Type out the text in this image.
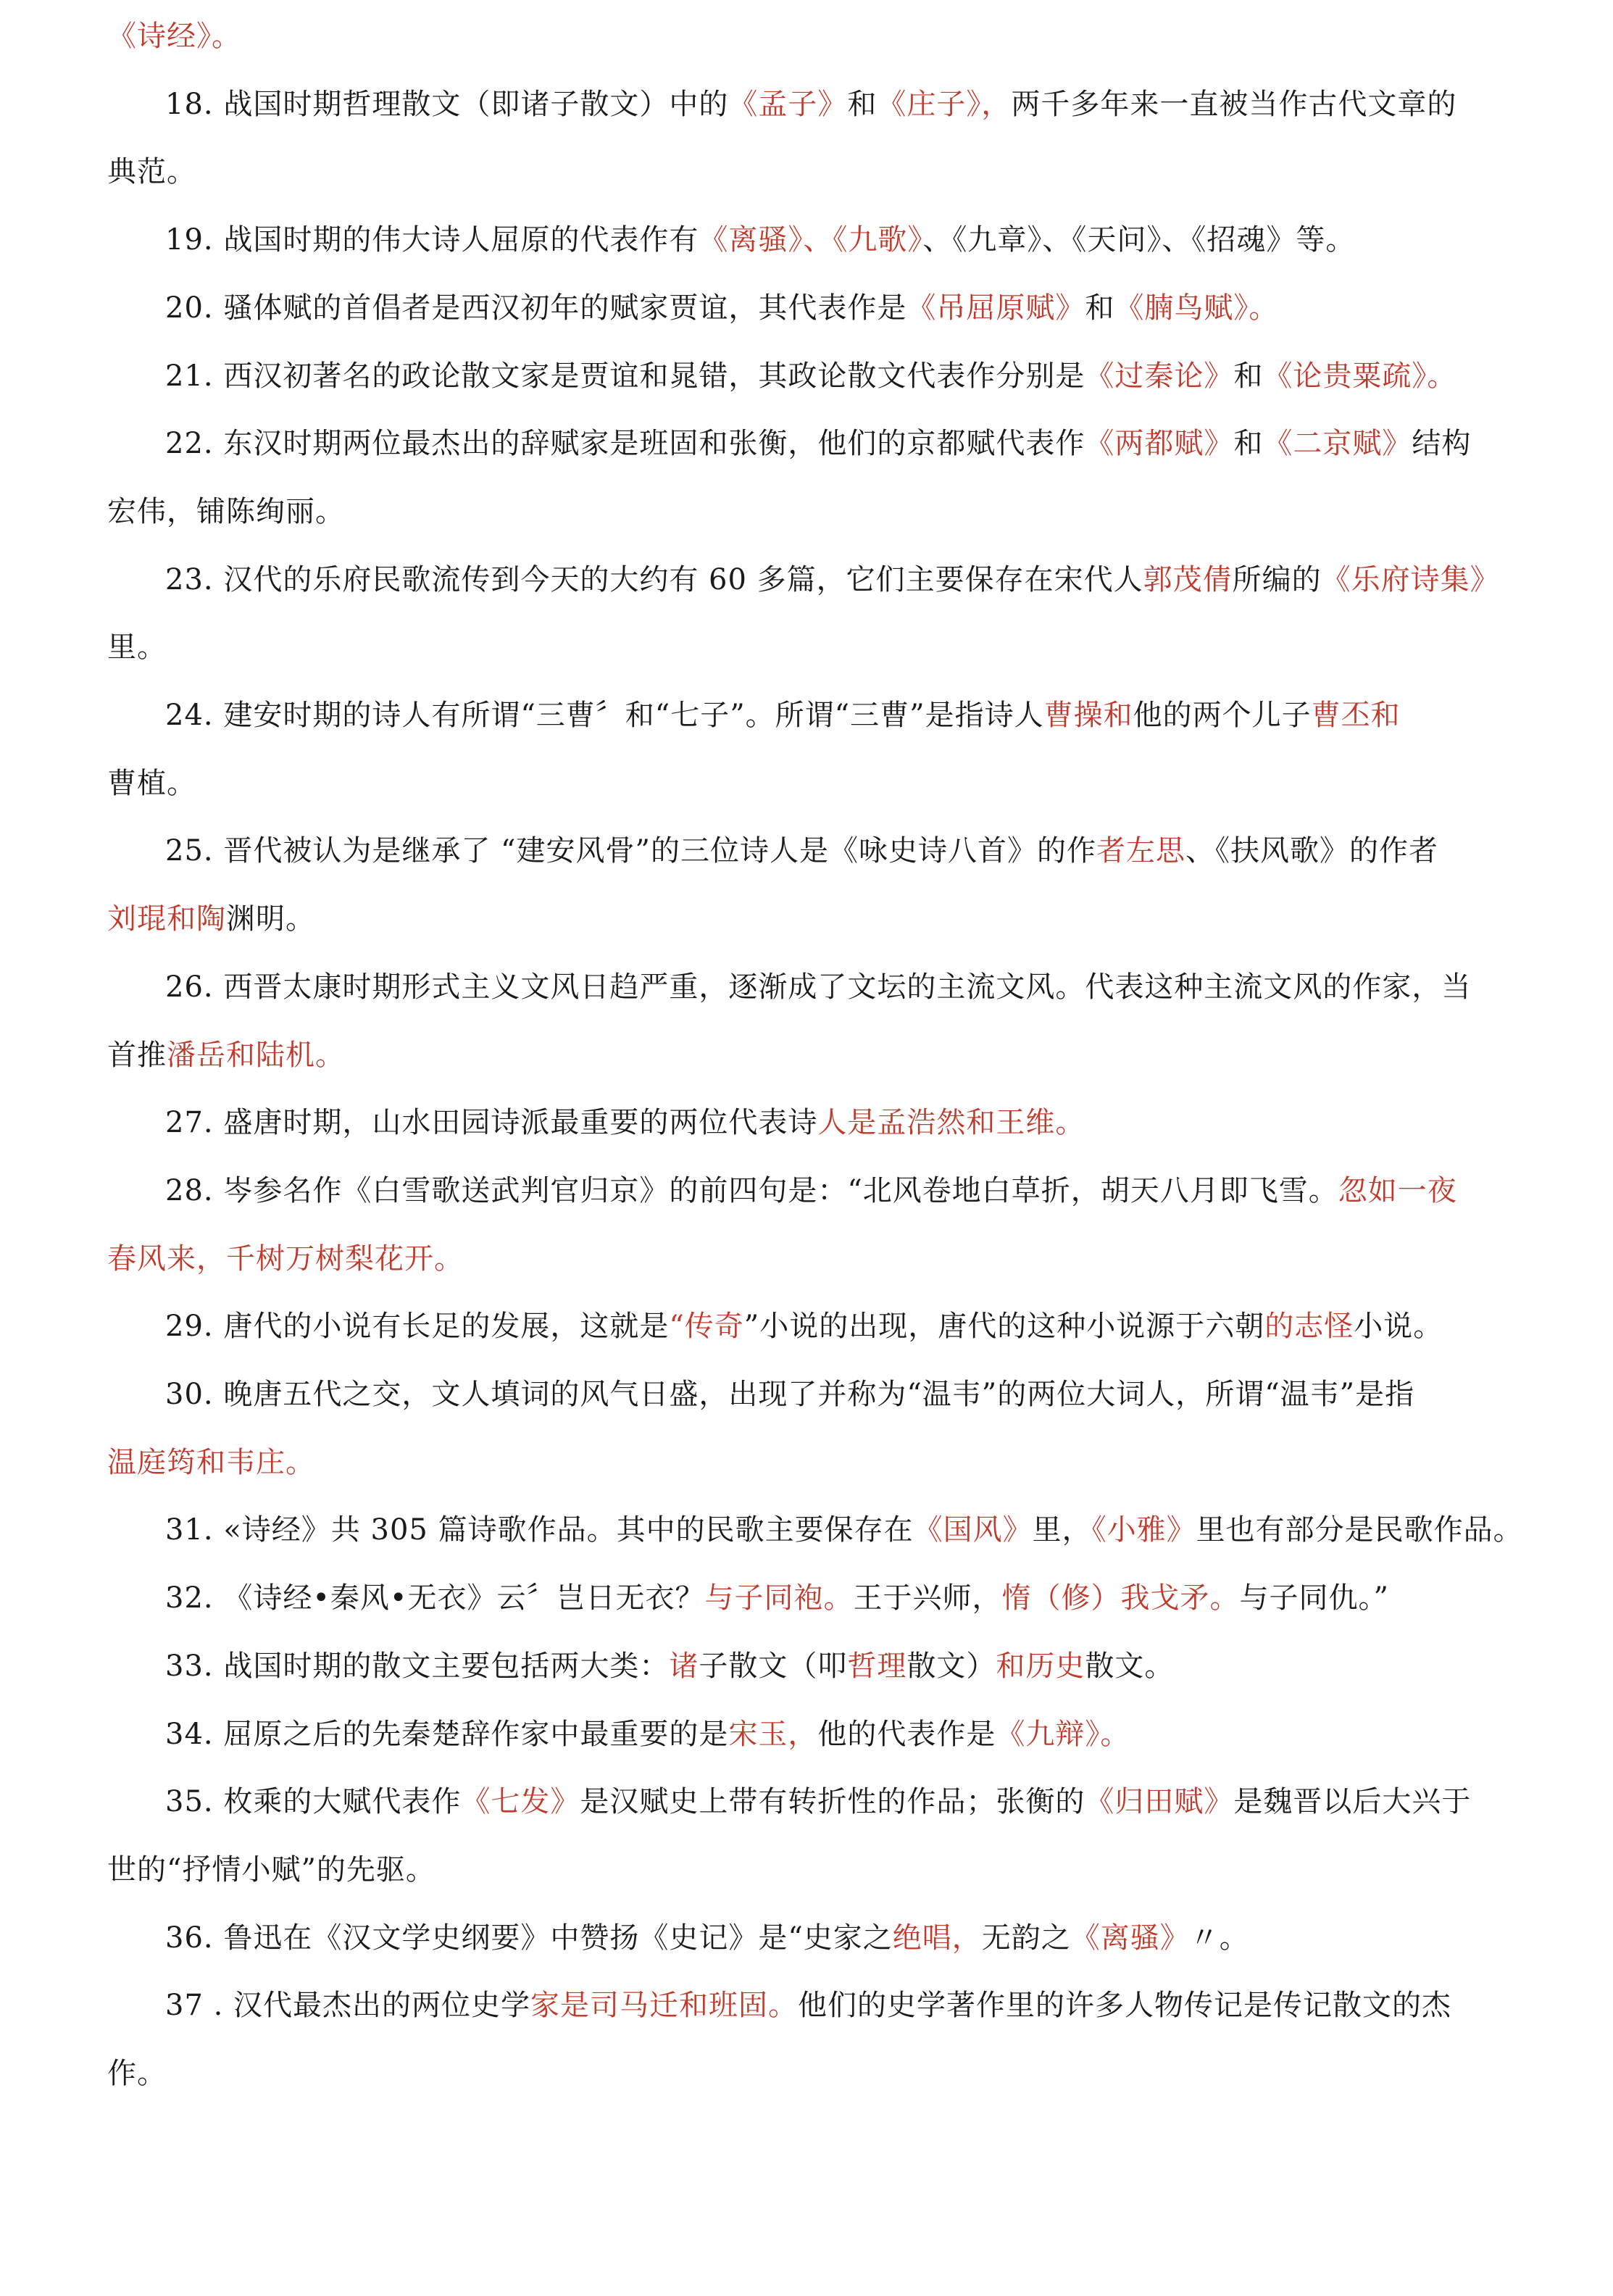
《诗经》。
18. 战国时期哲理散文（即诸子散文）中的《孟子》和《庄子》，两千多年来一直被当作古代文章的
典范。
19. 战国时期的伟大诗人屈原的代表作有《离骚》、《九歌》、《九章》、《天问》、《招魂》等。
20. 骚体赋的首倡者是西汉初年的赋家贾谊，其代表作是《吊屈原赋》和《腩鸟赋》。
21. 西汉初著名的政论散文家是贾谊和晁错，其政论散文代表作分别是《过秦论》和《论贵粟疏》。
22. 东汉时期两位最杰出的辞赋家是班固和张衡，他们的京都赋代表作《两都赋》和《二京赋》结构
宏伟，铺陈绚丽。
23. 汉代的乐府民歌流传到今天的大约有 60 多篇，它们主要保存在宋代人郭茂倩所编的《乐府诗集》
里。
24. 建安时期的诗人有所谓“三曹〞和“七子”。所谓“三曹”是指诗人曹操和他的两个儿子曹丕和
曹植。
25. 晋代被认为是继承了 “建安风骨”的三位诗人是《咏史诗八首》的作者左思、《扶风歌》的作者
刘琨和陶渊明。
26. 西晋太康时期形式主义文风日趋严重，逐渐成了文坛的主流文风。代表这种主流文风的作家，当
首推潘岳和陆机。
27. 盛唐时期，山水田园诗派最重要的两位代表诗人是孟浩然和王维。
28. 岑参名作《白雪歌送武判官归京》的前四句是：“北风卷地白草折，胡天八月即飞雪。忽如一夜
春风来，千树万树梨花开。
29. 唐代的小说有长足的发展，这就是“传奇”小说的出现，唐代的这种小说源于六朝的志怪小说。
30. 晚唐五代之交，文人填词的风气日盛，出现了并称为“温韦”的两位大词人，所谓“温韦”是指
温庭筠和韦庄。
31. «诗经》共 305 篇诗歌作品。其中的民歌主要保存在《国风》里，《小雅》里也有部分是民歌作品。
32. 《诗经•秦风•无衣》云〞岂日无衣？与子同袍。王于兴师，惰（修）我戈矛。与子同仇。”
33. 战国时期的散文主要包括两大类：诸子散文（叩哲理散文）和历史散文。
34. 屈原之后的先秦楚辞作家中最重要的是宋玉，他的代表作是《九辩》。
35. 枚乘的大赋代表作《七发》是汉赋史上带有转折性的作品；张衡的《归田赋》是魏晋以后大兴于
世的“抒情小赋”的先驱。
36. 鲁迅在《汉文学史纲要》中赞扬《史记》是“史家之绝唱，无韵之《离骚》〃。
37 . 汉代最杰出的两位史学家是司马迁和班固。他们的史学著作里的许多人物传记是传记散文的杰
作。
